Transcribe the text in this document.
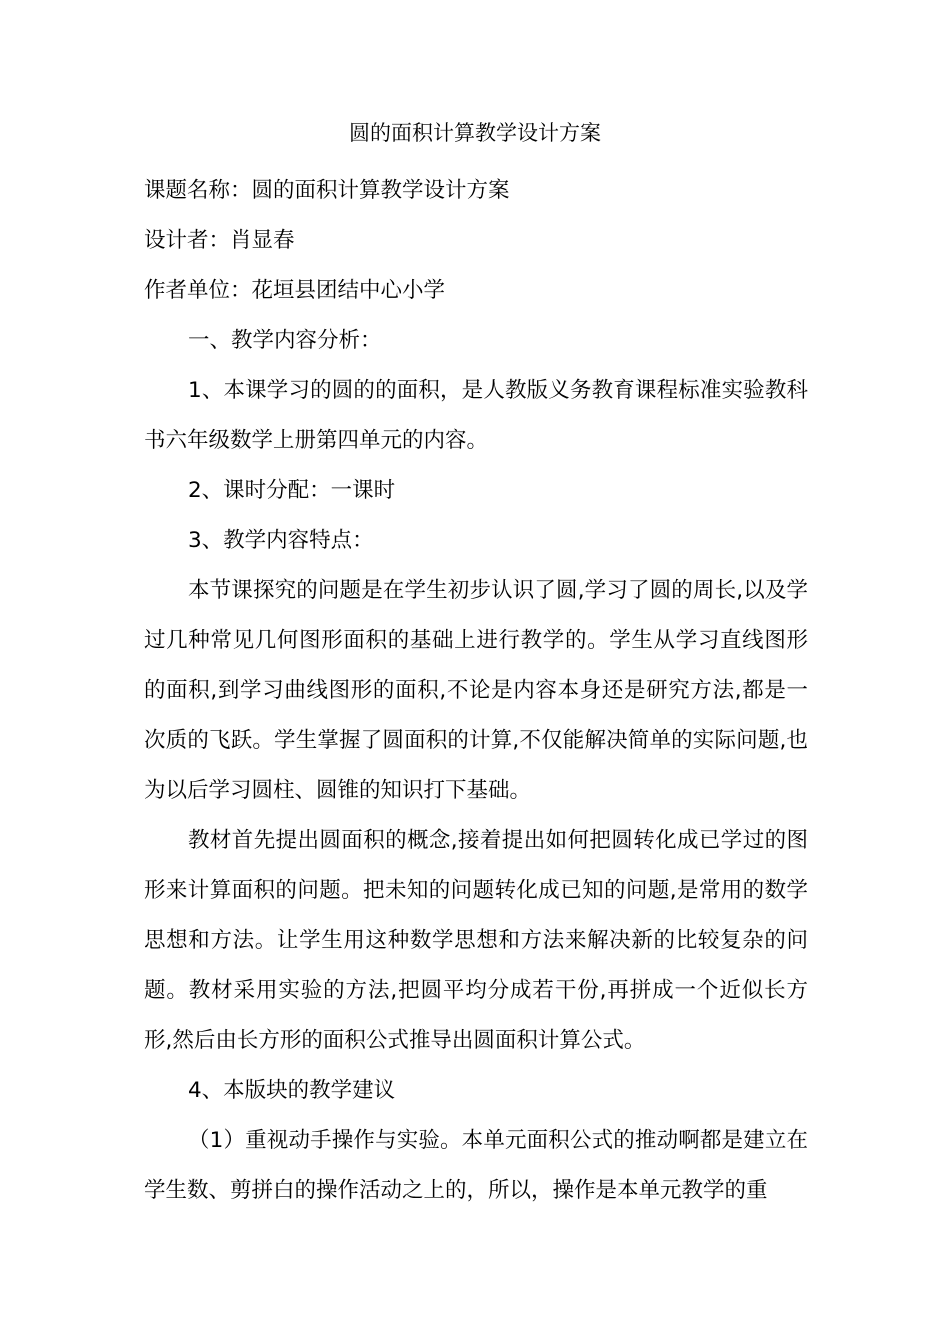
圆的面积计算教学设计方案

课题名称：圆的面积计算教学设计方案

设计者：肖显春

作者单位：花垣县团结中心小学

一、教学内容分析：

1、本课学习的圆的的面积，是人教版义务教育课程标准实验教科书六年级数学上册第四单元的内容。

2、课时分配：一课时

3、教学内容特点：

本节课探究的问题是在学生初步认识了圆,学习了圆的周长,以及学过几种常见几何图形面积的基础上进行教学的。学生从学习直线图形的面积,到学习曲线图形的面积,不论是内容本身还是研究方法,都是一次质的飞跃。学生掌握了圆面积的计算,不仅能解决简单的实际问题,也为以后学习圆柱、圆锥的知识打下基础。

教材首先提出圆面积的概念,接着提出如何把圆转化成已学过的图形来计算面积的问题。把未知的问题转化成已知的问题,是常用的数学思想和方法。让学生用这种数学思想和方法来解决新的比较复杂的问题。教材采用实验的方法,把圆平均分成若干份,再拼成一个近似长方形,然后由长方形的面积公式推导出圆面积计算公式。

4、本版块的教学建议

（1）重视动手操作与实验。本单元面积公式的推动啊都是建立在学生数、剪拼白的操作活动之上的，所以，操作是本单元教学的重
